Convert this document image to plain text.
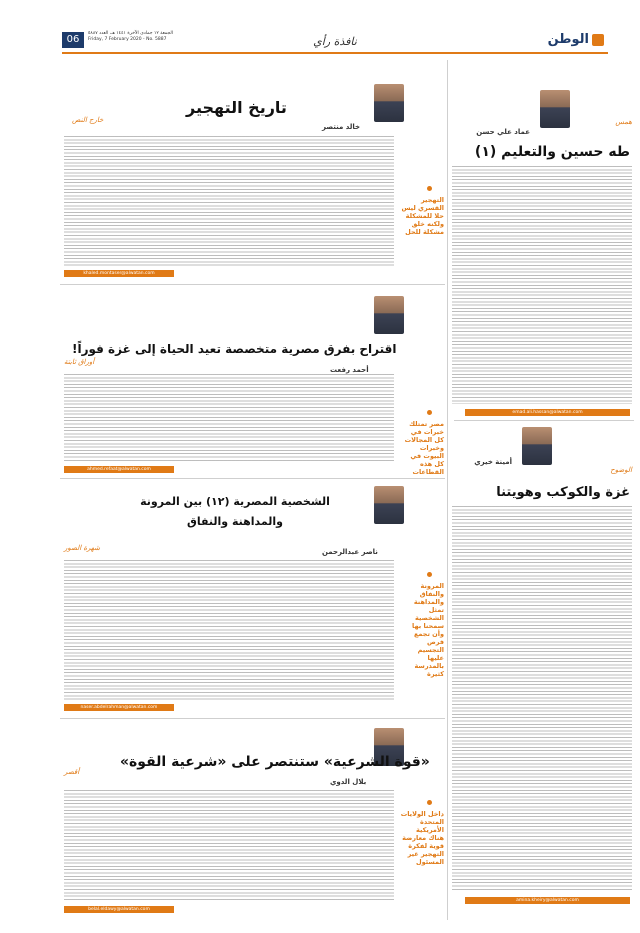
الوطن
نافذة رأي
06
الجمعة ١٢ جمادى الآخرة ١٤٤١ هـ، العدد ٥٨٨٧
Friday, 7 February 2020 - No. 5887
همس
عماد علي حسن
طه حسين والتعليم (١)
emad.ali.hassan@alwatan.com
أمينة خيري
الوضوح
غزة والكوكب وهويتنا
amina.kheiry@alwatan.com
تاريخ التهجير
خالد منتصر
خارج النص
التهجير القسري ليس حلا للمشكلة ولكنه خلق مشكلة للحل
khaled.montaser@alwatan.com
اقتراح بفرق مصرية متخصصة تعيد الحياة إلى غزة فوراً!
أوراق ثابتة
أحمد رفعت
مصر تمتلك خبرات في كل المجالات وخبرات البيوت في كل هذه القطاعات
ahmed.refaat@alwatan.com
الشخصية المصرية (١٢) بين المرونة والمداهنة والنفاق
شهرة الصور	ناصر عبدالرحمن
المرونة والنفاق والمداهنة تمثل الشخصية سمحنا بها وأن تجمع فرص التجسيم عليها بالمدرسة كثيرة
naser.abdelrahman@alwatan.com
«قوة الشرعية» ستنتصر على «شرعية القوة»
أقصر
بلال الدوي
داخل الولايات المتحدة الأمريكية هناك معارضة قوية لفكرة التهجير غير المسئول
belal.eldawy@alwatan.com
